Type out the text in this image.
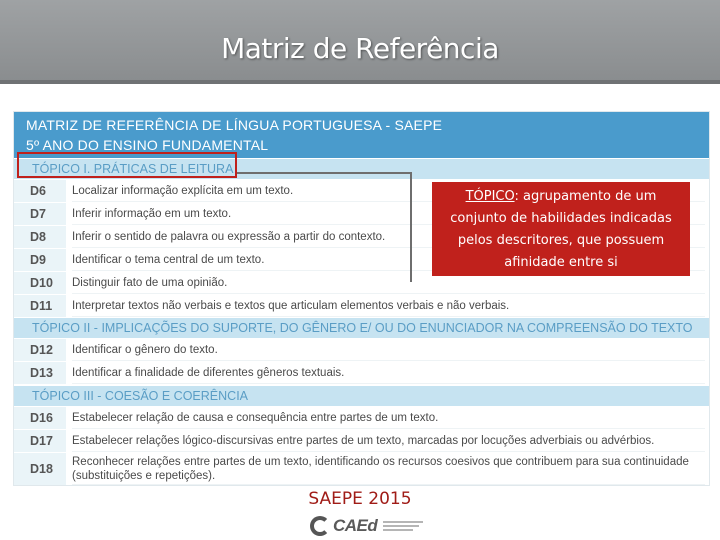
Matriz de Referência
MATRIZ DE REFERÊNCIA DE LÍNGUA PORTUGUESA - SAEPE
5º ANO DO ENSINO FUNDAMENTAL
TÓPICO I. PRÁTICAS DE LEITURA
D6	Localizar informação explícita em um texto.
D7	Inferir informação em um texto.
D8	Inferir o sentido de palavra ou expressão a partir do contexto.
D9	Identificar o tema central de um texto.
D10	Distinguir fato de uma opinião.
D11	Interpretar textos não verbais e textos que articulam elementos verbais e não verbais.
TÓPICO II - IMPLICAÇÕES DO SUPORTE, DO GÊNERO E/ OU DO ENUNCIADOR NA COMPREENSÃO DO TEXTO
D12	Identificar o gênero do texto.
D13	Identificar a finalidade de diferentes gêneros textuais.
TÓPICO III - COESÃO E COERÊNCIA
D16	Estabelecer relação de causa e consequência entre partes de um texto.
D17	Estabelecer relações lógico-discursivas entre partes de um texto, marcadas por locuções adverbiais ou advérbios.
D18	Reconhecer relações entre partes de um texto, identificando os recursos coesivos que contribuem para sua continuidade (substituições e repetições).
TÓPICO: agrupamento de um conjunto de habilidades indicadas pelos descritores, que possuem afinidade entre si
SAEPE 2015
CAEd
